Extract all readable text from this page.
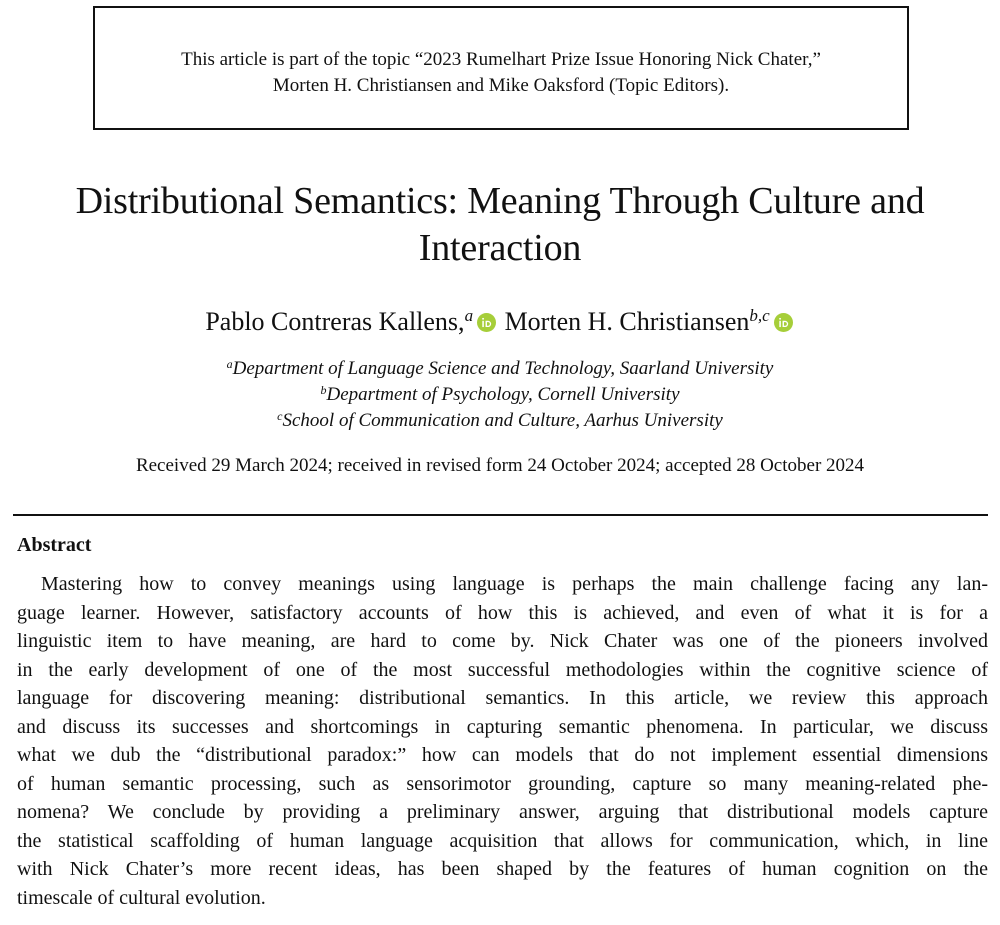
This article is part of the topic “2023 Rumelhart Prize Issue Honoring Nick Chater,”
Morten H. Christiansen and Mike Oaksford (Topic Editors).
Distributional Semantics: Meaning Through Culture and
Interaction
Pablo Contreras Kallens,$^a$ Morten H. Christiansen$^{b,c}$
$^a$Department of Language Science and Technology, Saarland University
$^b$Department of Psychology, Cornell University
$^c$School of Communication and Culture, Aarhus University
Received 29 March 2024; received in revised form 24 October 2024; accepted 28 October 2024
Abstract
Mastering how to convey meanings using language is perhaps the main challenge facing any lan-
guage learner. However, satisfactory accounts of how this is achieved, and even of what it is for a
linguistic item to have meaning, are hard to come by. Nick Chater was one of the pioneers involved
in the early development of one of the most successful methodologies within the cognitive science of
language for discovering meaning: distributional semantics. In this article, we review this approach
and discuss its successes and shortcomings in capturing semantic phenomena. In particular, we discuss
what we dub the “distributional paradox:” how can models that do not implement essential dimensions
of human semantic processing, such as sensorimotor grounding, capture so many meaning-related phe-
nomena? We conclude by providing a preliminary answer, arguing that distributional models capture
the statistical scaffolding of human language acquisition that allows for communication, which, in line
with Nick Chater’s more recent ideas, has been shaped by the features of human cognition on the
timescale of cultural evolution.
